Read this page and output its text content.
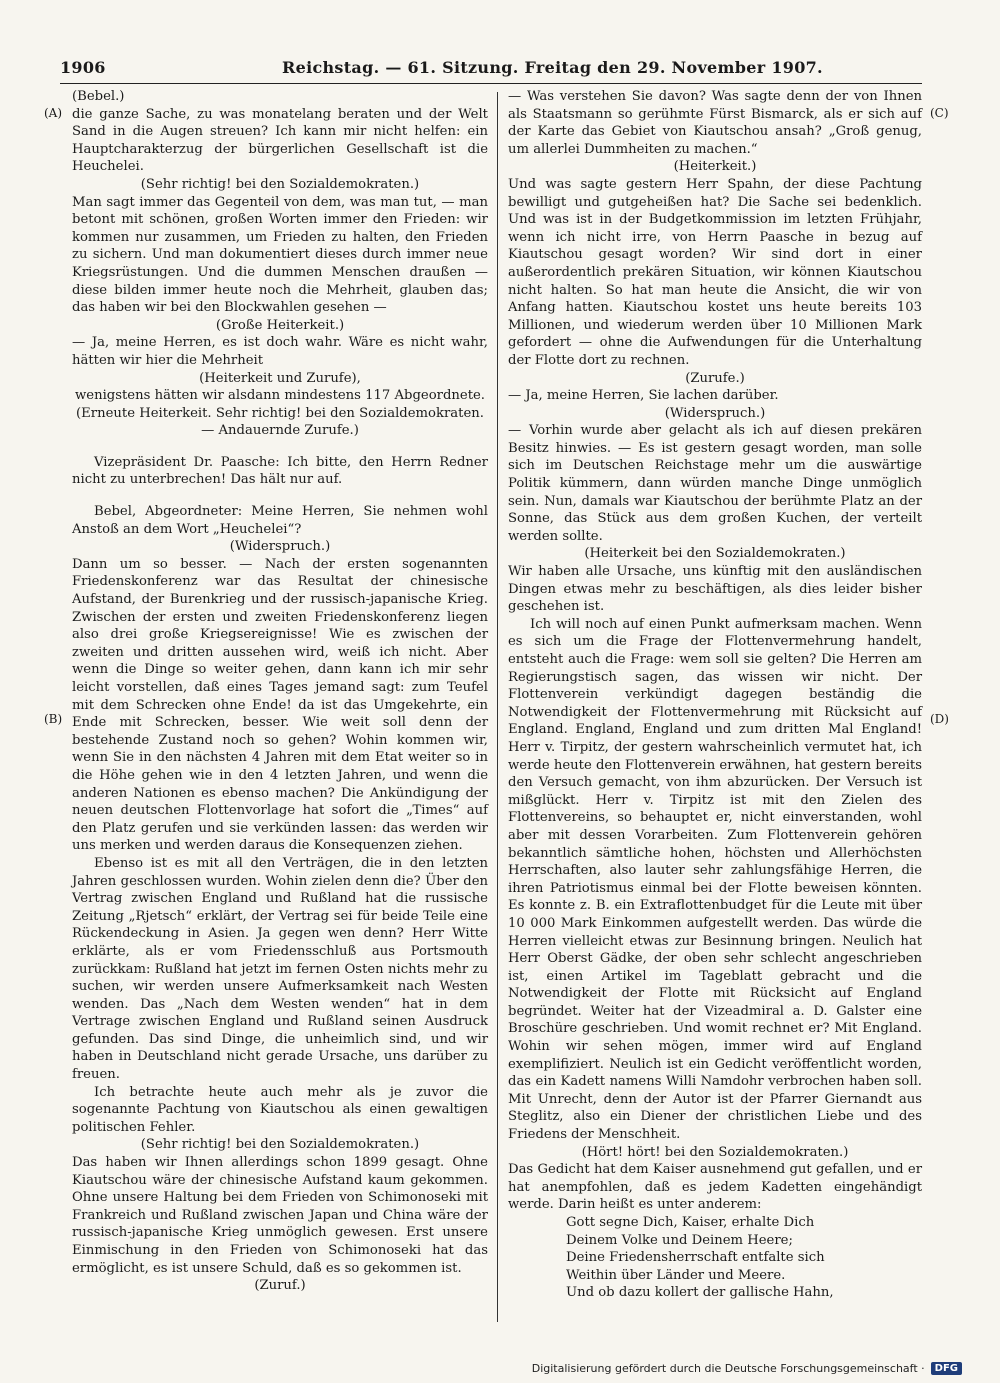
1906	Reichstag. — 61. Sitzung. Freitag den 29. November 1907.
(A)
(B)
(C)
(D)

(Bebel.)

die ganze Sache, zu was monatelang beraten und der Welt Sand in die Augen streuen? Ich kann mir nicht helfen: ein Hauptcharakterzug der bürgerlichen Gesellschaft ist die Heuchelei.

(Sehr richtig! bei den Sozialdemokraten.)

Man sagt immer das Gegenteil von dem, was man tut, — man betont mit schönen, großen Worten immer den Frieden: wir kommen nur zusammen, um Frieden zu halten, den Frieden zu sichern. Und man dokumentiert dieses durch immer neue Kriegsrüstungen. Und die dummen Menschen draußen — diese bilden immer heute noch die Mehrheit, glauben das; das haben wir bei den Blockwahlen gesehen —

(Große Heiterkeit.)

— Ja, meine Herren, es ist doch wahr. Wäre es nicht wahr, hätten wir hier die Mehrheit

(Heiterkeit und Zurufe),

wenigstens hätten wir alsdann mindestens 117 Abgeordnete.

(Erneute Heiterkeit. Sehr richtig! bei den Sozialdemokraten. — Andauernde Zurufe.)

Vizepräsident Dr. Paasche: Ich bitte, den Herrn Redner nicht zu unterbrechen! Das hält nur auf.

Bebel, Abgeordneter: Meine Herren, Sie nehmen wohl Anstoß an dem Wort „Heuchelei“?

(Widerspruch.)

Dann um so besser. — Nach der ersten sogenannten Friedenskonferenz war das Resultat der chinesische Aufstand, der Burenkrieg und der russisch-japanische Krieg. Zwischen der ersten und zweiten Friedenskonferenz liegen also drei große Kriegsereignisse! Wie es zwischen der zweiten und dritten aussehen wird, weiß ich nicht. Aber wenn die Dinge so weiter gehen, dann kann ich mir sehr leicht vorstellen, daß eines Tages jemand sagt: zum Teufel mit dem Schrecken ohne Ende! da ist das Umgekehrte, ein Ende mit Schrecken, besser. Wie weit soll denn der bestehende Zustand noch so gehen? Wohin kommen wir, wenn Sie in den nächsten 4 Jahren mit dem Etat weiter so in die Höhe gehen wie in den 4 letzten Jahren, und wenn die anderen Nationen es ebenso machen? Die Ankündigung der neuen deutschen Flottenvorlage hat sofort die „Times“ auf den Platz gerufen und sie verkünden lassen: das werden wir uns merken und werden daraus die Konsequenzen ziehen.

Ebenso ist es mit all den Verträgen, die in den letzten Jahren geschlossen wurden. Wohin zielen denn die? Über den Vertrag zwischen England und Rußland hat die russische Zeitung „Rjetsch“ erklärt, der Vertrag sei für beide Teile eine Rückendeckung in Asien. Ja gegen wen denn? Herr Witte erklärte, als er vom Friedensschluß aus Portsmouth zurückkam: Rußland hat jetzt im fernen Osten nichts mehr zu suchen, wir werden unsere Aufmerksamkeit nach Westen wenden. Das „Nach dem Westen wenden“ hat in dem Vertrage zwischen England und Rußland seinen Ausdruck gefunden. Das sind Dinge, die unheimlich sind, und wir haben in Deutschland nicht gerade Ursache, uns darüber zu freuen.

Ich betrachte heute auch mehr als je zuvor die sogenannte Pachtung von Kiautschou als einen gewaltigen politischen Fehler.

(Sehr richtig! bei den Sozialdemokraten.)

Das haben wir Ihnen allerdings schon 1899 gesagt. Ohne Kiautschou wäre der chinesische Aufstand kaum gekommen. Ohne unsere Haltung bei dem Frieden von Schimonoseki mit Frankreich und Rußland zwischen Japan und China wäre der russisch-japanische Krieg unmöglich gewesen. Erst unsere Einmischung in den Frieden von Schimonoseki hat das ermöglicht, es ist unsere Schuld, daß es so gekommen ist.

(Zuruf.)

— Was verstehen Sie davon? Was sagte denn der von Ihnen als Staatsmann so gerühmte Fürst Bismarck, als er sich auf der Karte das Gebiet von Kiautschou ansah? „Groß genug, um allerlei Dummheiten zu machen.“

(Heiterkeit.)

Und was sagte gestern Herr Spahn, der diese Pachtung bewilligt und gutgeheißen hat? Die Sache sei bedenklich. Und was ist in der Budgetkommission im letzten Frühjahr, wenn ich nicht irre, von Herrn Paasche in bezug auf Kiautschou gesagt worden? Wir sind dort in einer außerordentlich prekären Situation, wir können Kiautschou nicht halten. So hat man heute die Ansicht, die wir von Anfang hatten. Kiautschou kostet uns heute bereits 103 Millionen, und wiederum werden über 10 Millionen Mark gefordert — ohne die Aufwendungen für die Unterhaltung der Flotte dort zu rechnen.

(Zurufe.)

— Ja, meine Herren, Sie lachen darüber.

(Widerspruch.)

— Vorhin wurde aber gelacht als ich auf diesen prekären Besitz hinwies. — Es ist gestern gesagt worden, man solle sich im Deutschen Reichstage mehr um die auswärtige Politik kümmern, dann würden manche Dinge unmöglich sein. Nun, damals war Kiautschou der berühmte Platz an der Sonne, das Stück aus dem großen Kuchen, der verteilt werden sollte.

(Heiterkeit bei den Sozialdemokraten.)

Wir haben alle Ursache, uns künftig mit den ausländischen Dingen etwas mehr zu beschäftigen, als dies leider bisher geschehen ist.

Ich will noch auf einen Punkt aufmerksam machen. Wenn es sich um die Frage der Flottenvermehrung handelt, entsteht auch die Frage: wem soll sie gelten? Die Herren am Regierungstisch sagen, das wissen wir nicht. Der Flottenverein verkündigt dagegen beständig die Notwendigkeit der Flottenvermehrung mit Rücksicht auf England. England, England und zum dritten Mal England! Herr v. Tirpitz, der gestern wahrscheinlich vermutet hat, ich werde heute den Flottenverein erwähnen, hat gestern bereits den Versuch gemacht, von ihm abzurücken. Der Versuch ist mißglückt. Herr v. Tirpitz ist mit den Zielen des Flottenvereins, so behauptet er, nicht einverstanden, wohl aber mit dessen Vorarbeiten. Zum Flottenverein gehören bekanntlich sämtliche hohen, höchsten und Allerhöchsten Herrschaften, also lauter sehr zahlungsfähige Herren, die ihren Patriotismus einmal bei der Flotte beweisen könnten. Es konnte z. B. ein Extraflottenbudget für die Leute mit über 10 000 Mark Einkommen aufgestellt werden. Das würde die Herren vielleicht etwas zur Besinnung bringen. Neulich hat Herr Oberst Gädke, der oben sehr schlecht angeschrieben ist, einen Artikel im Tageblatt gebracht und die Notwendigkeit der Flotte mit Rücksicht auf England begründet. Weiter hat der Vizeadmiral a. D. Galster eine Broschüre geschrieben. Und womit rechnet er? Mit England. Wohin wir sehen mögen, immer wird auf England exemplifiziert. Neulich ist ein Gedicht veröffentlicht worden, das ein Kadett namens Willi Namdohr verbrochen haben soll. Mit Unrecht, denn der Autor ist der Pfarrer Giernandt aus Steglitz, also ein Diener der christlichen Liebe und des Friedens der Menschheit.

(Hört! hört! bei den Sozialdemokraten.)

Das Gedicht hat dem Kaiser ausnehmend gut gefallen, und er hat anempfohlen, daß es jedem Kadetten eingehändigt werde. Darin heißt es unter anderem:

Gott segne Dich, Kaiser, erhalte Dich

Deinem Volke und Deinem Heere;

Deine Friedensherrschaft entfalte sich

Weithin über Länder und Meere.

Und ob dazu kollert der gallische Hahn,

Digitalisierung gefördert durch die Deutsche Forschungsgemeinschaft ·	DFG
